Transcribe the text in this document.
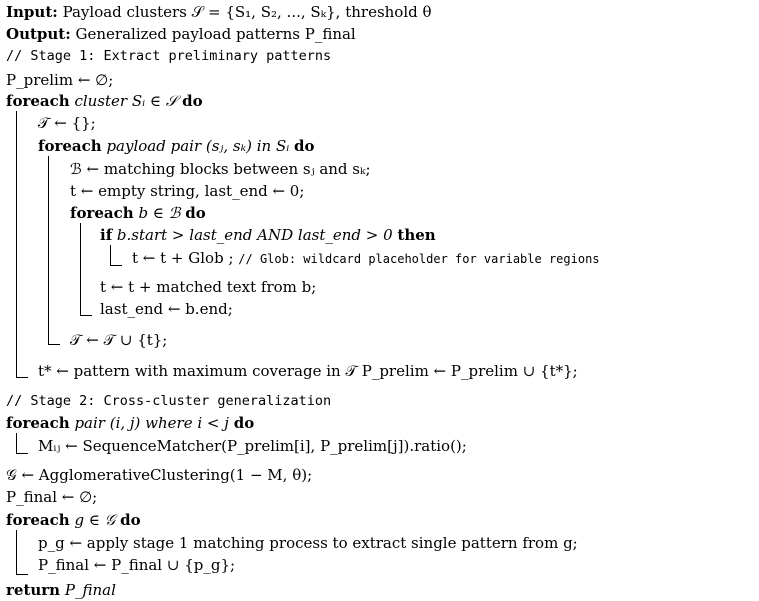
Input: Payload clusters 𝒮 = {S₁, S₂, ..., Sₖ}, threshold θ
Output: Generalized payload patterns P_final
// Stage 1: Extract preliminary patterns
P_prelim ← ∅;
foreach cluster Sᵢ ∈ 𝒮 do
𝒯 ← {};
foreach payload pair (sⱼ, sₖ) in Sᵢ do
ℬ ← matching blocks between sⱼ and sₖ;
t ← empty string, last_end ← 0;
foreach b ∈ ℬ do
if b.start > last_end AND last_end > 0 then
t ← t + Glob ; // Glob: wildcard placeholder for variable regions
t ← t + matched text from b;
last_end ← b.end;
𝒯 ← 𝒯 ∪ {t};
t* ← pattern with maximum coverage in 𝒯 P_prelim ← P_prelim ∪ {t*};
// Stage 2: Cross-cluster generalization
foreach pair (i, j) where i < j do
Mᵢⱼ ← SequenceMatcher(P_prelim[i], P_prelim[j]).ratio();
𝒢 ← AgglomerativeClustering(1 − M, θ);
P_final ← ∅;
foreach g ∈ 𝒢 do
p_g ← apply stage 1 matching process to extract single pattern from g;
P_final ← P_final ∪ {p_g};
return P_final
